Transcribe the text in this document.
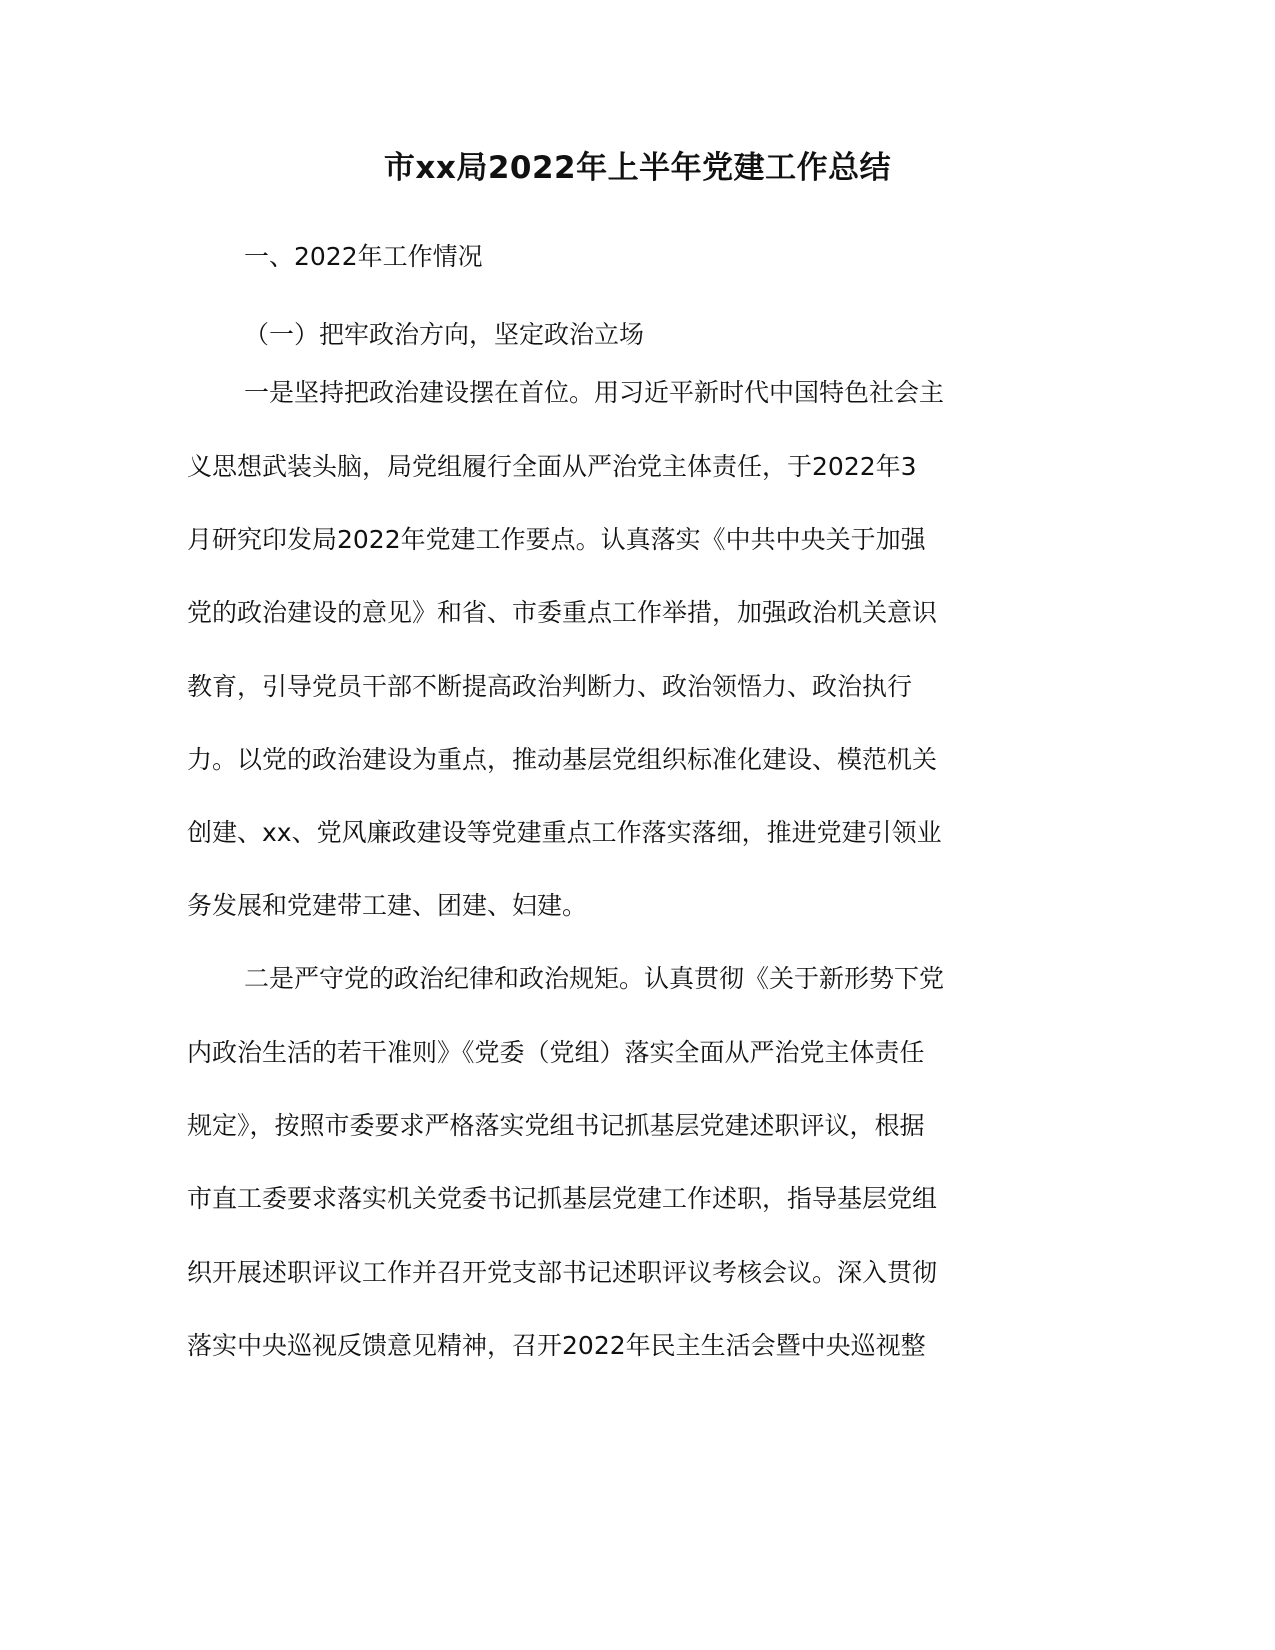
市xx局2022年上半年党建工作总结

一、2022年工作情况

（一）把牢政治方向，坚定政治立场

一是坚持把政治建设摆在首位。用习近平新时代中国特色社会主

义思想武装头脑，局党组履行全面从严治党主体责任，于2022年3

月研究印发局2022年党建工作要点。认真落实《中共中央关于加强

党的政治建设的意见》和省、市委重点工作举措，加强政治机关意识

教育，引导党员干部不断提高政治判断力、政治领悟力、政治执行

力。以党的政治建设为重点，推动基层党组织标准化建设、模范机关

创建、xx、党风廉政建设等党建重点工作落实落细，推进党建引领业

务发展和党建带工建、团建、妇建。

二是严守党的政治纪律和政治规矩。认真贯彻《关于新形势下党

内政治生活的若干准则》《党委（党组）落实全面从严治党主体责任

规定》，按照市委要求严格落实党组书记抓基层党建述职评议，根据

市直工委要求落实机关党委书记抓基层党建工作述职，指导基层党组

织开展述职评议工作并召开党支部书记述职评议考核会议。深入贯彻

落实中央巡视反馈意见精神，召开2022年民主生活会暨中央巡视整
